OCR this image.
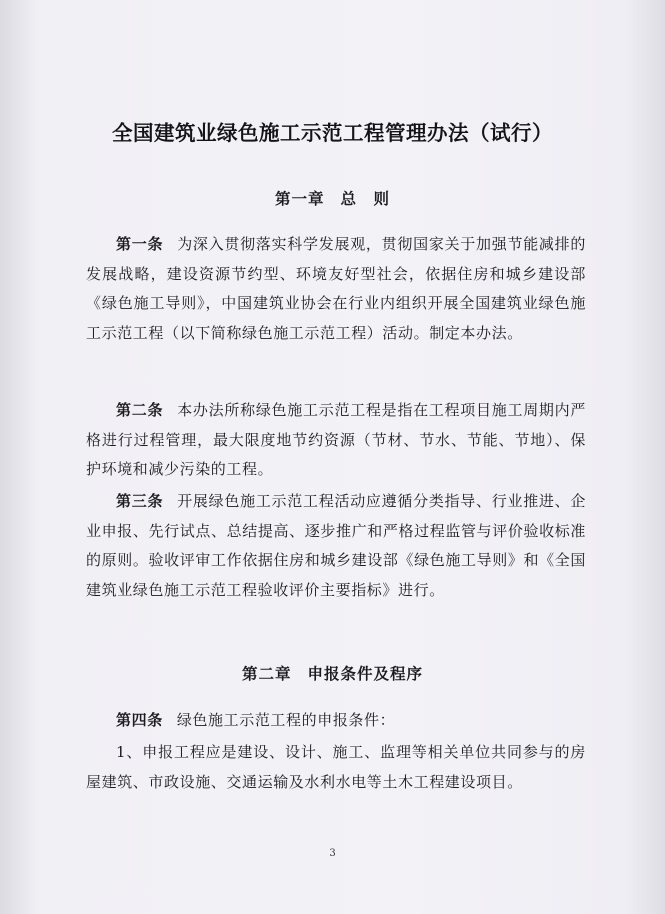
全国建筑业绿色施工示范工程管理办法（试行）
第一章 总　则
第一条 为深入贯彻落实科学发展观，贯彻国家关于加强节能减排的发展战略，建设资源节约型、环境友好型社会，依据住房和城乡建设部《绿色施工导则》，中国建筑业协会在行业内组织开展全国建筑业绿色施工示范工程（以下简称绿色施工示范工程）活动。制定本办法。
第二条 本办法所称绿色施工示范工程是指在工程项目施工周期内严格进行过程管理，最大限度地节约资源（节材、节水、节能、节地）、保护环境和减少污染的工程。
第三条 开展绿色施工示范工程活动应遵循分类指导、行业推进、企业申报、先行试点、总结提高、逐步推广和严格过程监管与评价验收标准的原则。验收评审工作依据住房和城乡建设部《绿色施工导则》和《全国建筑业绿色施工示范工程验收评价主要指标》进行。
第二章 申报条件及程序
第四条 绿色施工示范工程的申报条件：
1、申报工程应是建设、设计、施工、监理等相关单位共同参与的房屋建筑、市政设施、交通运输及水利水电等土木工程建设项目。
3
